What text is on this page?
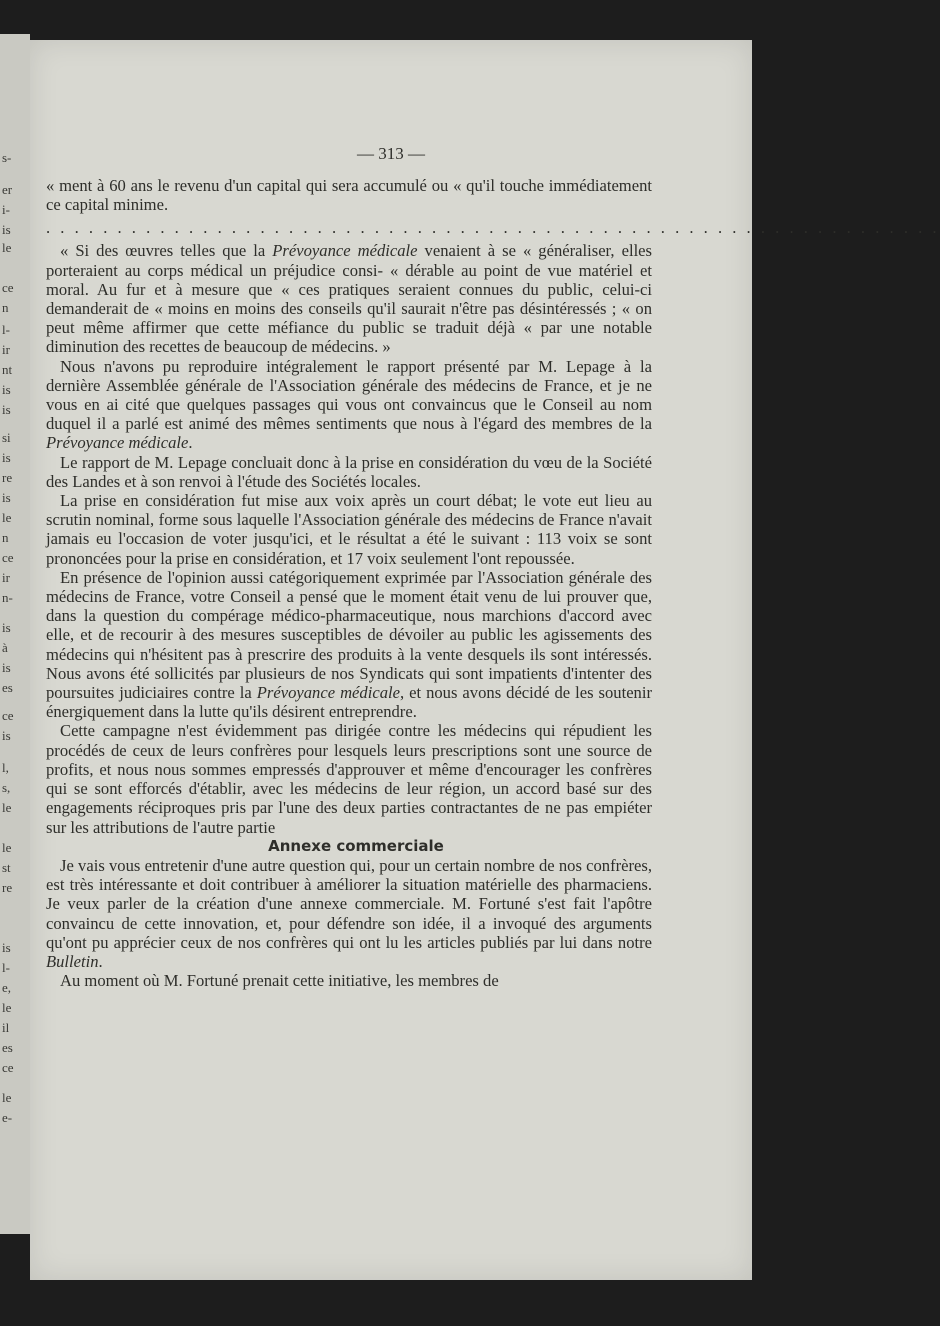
s-
er
i-
is
le
ce
n
l-
ir
nt
is
is
si
is
re
is
le
n
ce
ir
n-
is
à
is
es
ce
is
l,
s,
le
le
st
re
is
l-
e,
le
il
es
ce
le
e-
— 313 —

« ment à 60 ans le revenu d'un capital qui sera accumulé ou « qu'il touche immédiatement ce capital minime.

. . . . . . . . . . . . . . . . . . . . . . . . . . . . . . . . . . . . . . . . . . . . . . . . . . . . . . . . . . . . . . .

« Si des œuvres telles que la Prévoyance médicale venaient à se « généraliser, elles porteraient au corps médical un préjudice consi- « dérable au point de vue matériel et moral. Au fur et à mesure que « ces pratiques seraient connues du public, celui-ci demanderait de « moins en moins des conseils qu'il saurait n'être pas désintéressés ; « on peut même affirmer que cette méfiance du public se traduit déjà « par une notable diminution des recettes de beaucoup de médecins. »

Nous n'avons pu reproduire intégralement le rapport présenté par M. Lepage à la dernière Assemblée générale de l'Association générale des médecins de France, et je ne vous en ai cité que quelques passages qui vous ont convaincus que le Conseil au nom duquel il a parlé est animé des mêmes sentiments que nous à l'égard des membres de la Prévoyance médicale.

Le rapport de M. Lepage concluait donc à la prise en considération du vœu de la Société des Landes et à son renvoi à l'étude des Sociétés locales.

La prise en considération fut mise aux voix après un court débat; le vote eut lieu au scrutin nominal, forme sous laquelle l'Association générale des médecins de France n'avait jamais eu l'occasion de voter jusqu'ici, et le résultat a été le suivant : 113 voix se sont prononcées pour la prise en considération, et 17 voix seulement l'ont repoussée.

En présence de l'opinion aussi catégoriquement exprimée par l'Association générale des médecins de France, votre Conseil a pensé que le moment était venu de lui prouver que, dans la question du compérage médico-pharmaceutique, nous marchions d'accord avec elle, et de recourir à des mesures susceptibles de dévoiler au public les agissements des médecins qui n'hésitent pas à prescrire des produits à la vente desquels ils sont intéressés. Nous avons été sollicités par plusieurs de nos Syndicats qui sont impatients d'intenter des poursuites judiciaires contre la Prévoyance médicale, et nous avons décidé de les soutenir énergiquement dans la lutte qu'ils désirent entreprendre.

Cette campagne n'est évidemment pas dirigée contre les médecins qui répudient les procédés de ceux de leurs confrères pour lesquels leurs prescriptions sont une source de profits, et nous nous sommes empressés d'approuver et même d'encourager les confrères qui se sont efforcés d'établir, avec les médecins de leur région, un accord basé sur des engagements réciproques pris par l'une des deux parties contractantes de ne pas empiéter sur les attributions de l'autre partie

Annexe commerciale

Je vais vous entretenir d'une autre question qui, pour un certain nombre de nos confrères, est très intéressante et doit contribuer à améliorer la situation matérielle des pharmaciens. Je veux parler de la création d'une annexe commerciale. M. Fortuné s'est fait l'apôtre convaincu de cette innovation, et, pour défendre son idée, il a invoqué des arguments qu'ont pu apprécier ceux de nos confrères qui ont lu les articles publiés par lui dans notre Bulletin.

Au moment où M. Fortuné prenait cette initiative, les membres de
